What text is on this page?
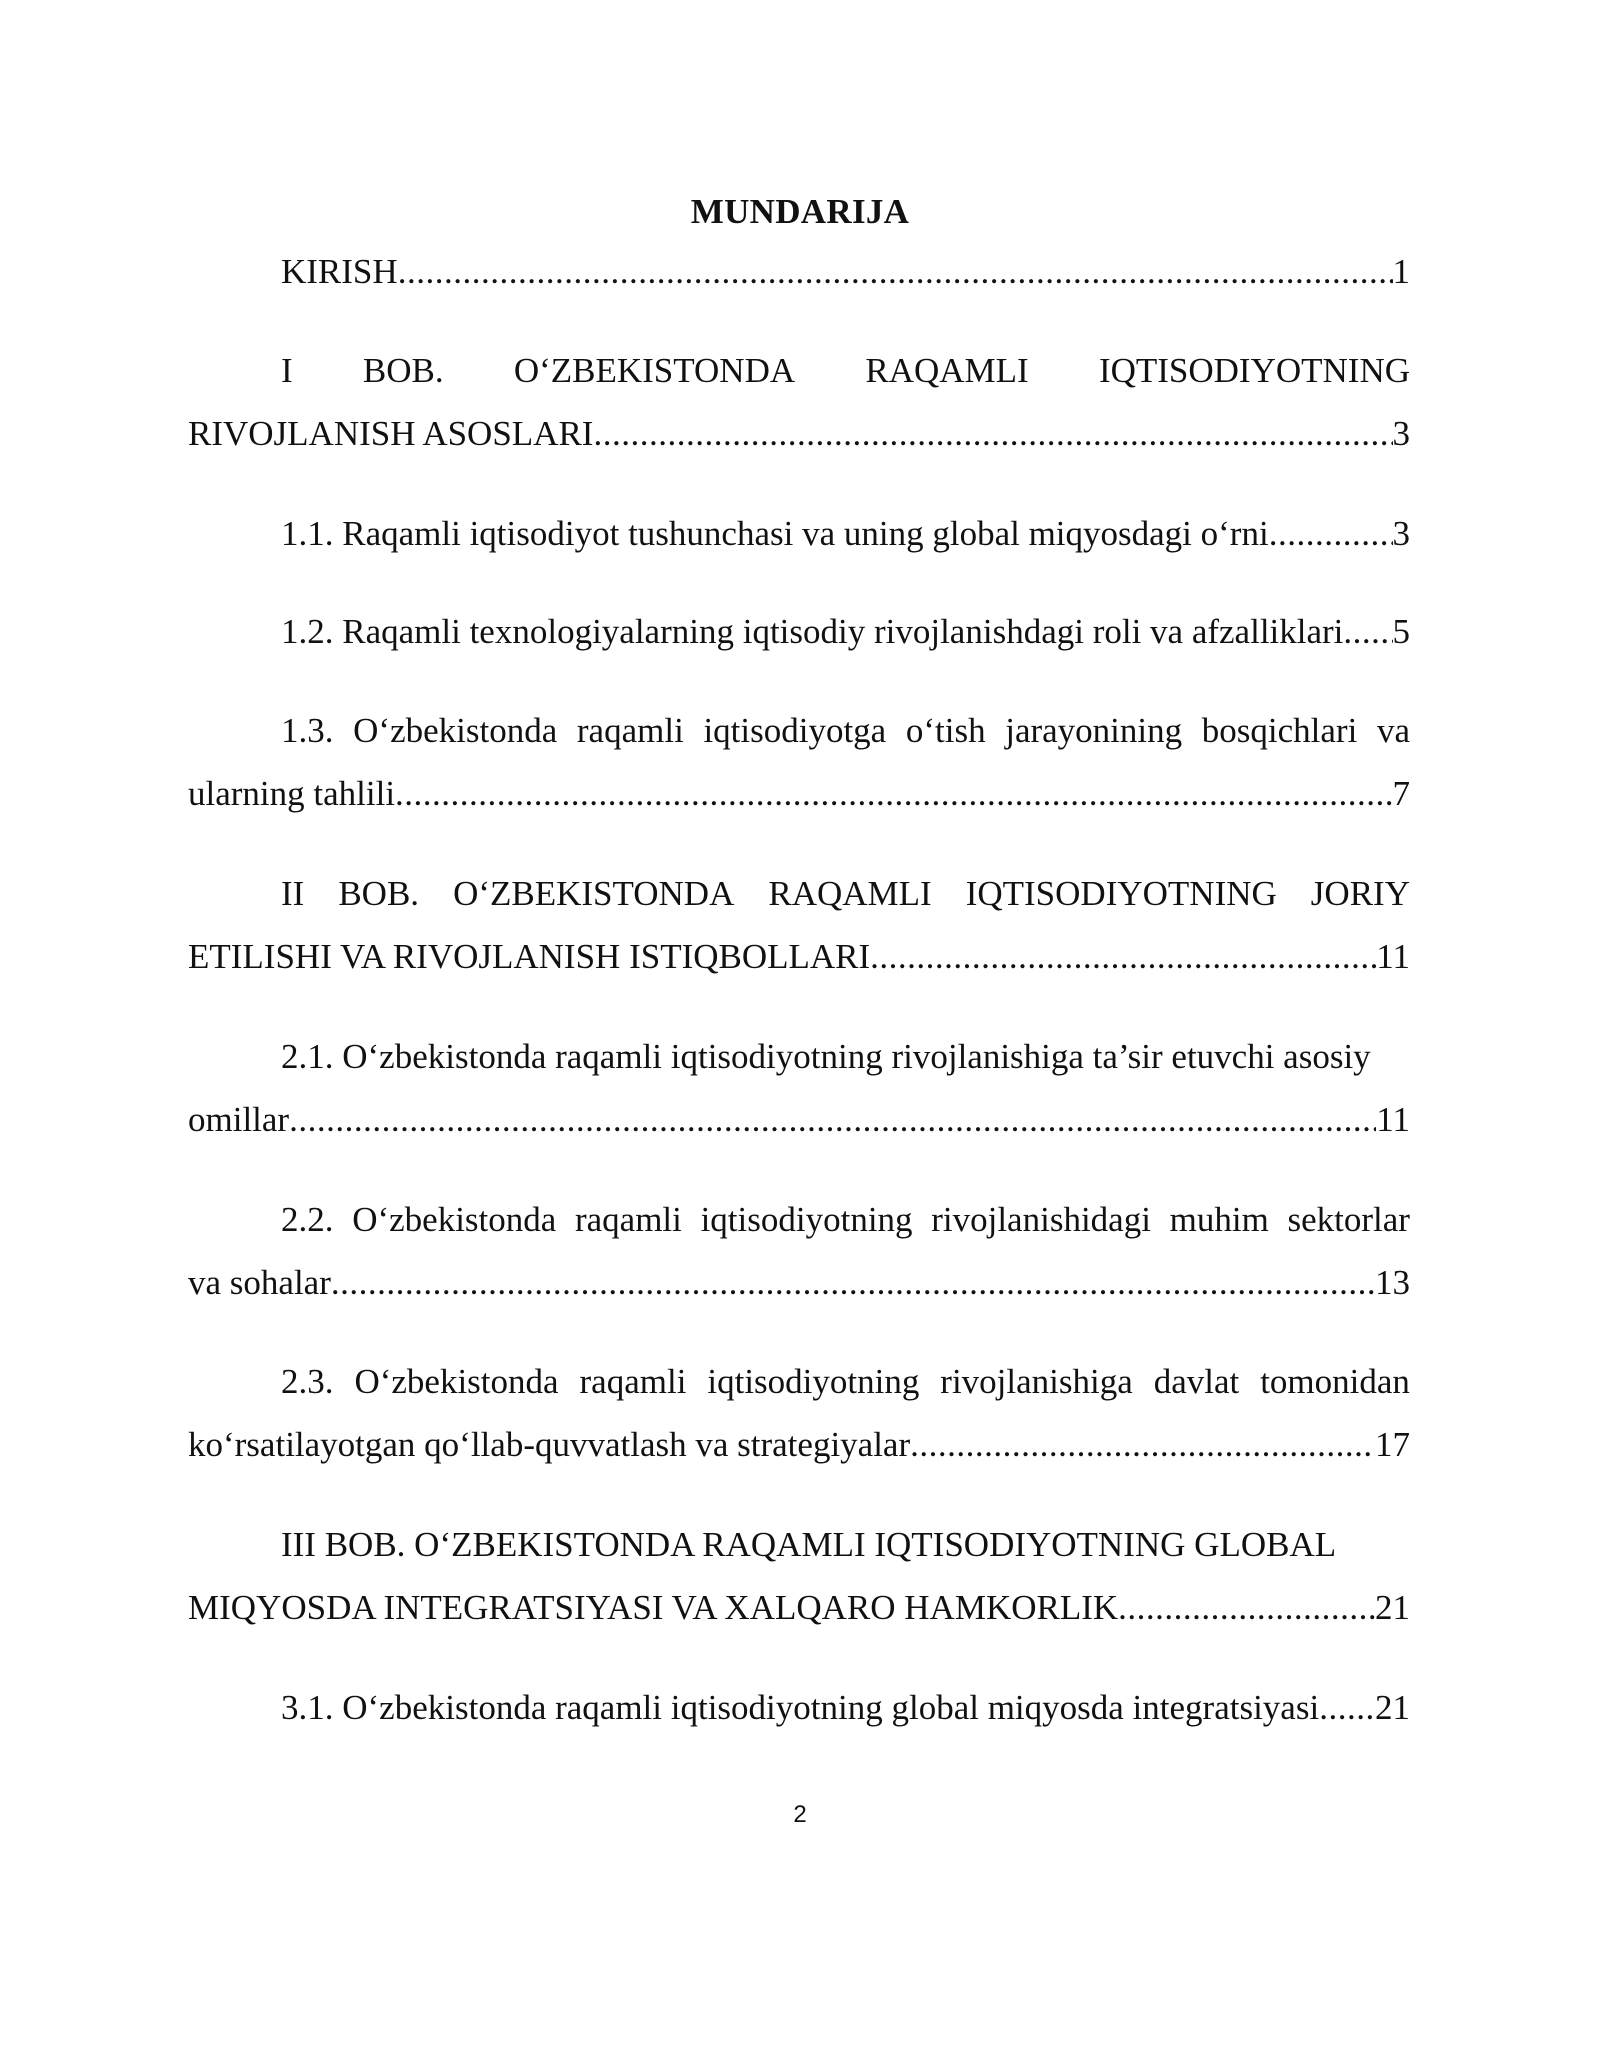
MUNDARIJA
KIRISH .....	1
I BOB. O‘ZBEKISTONDA RAQAMLI IQTISODIYOTNING
RIVOJLANISH ASOSLARI .....	3
1.1. Raqamli iqtisodiyot tushunchasi va uning global miqyosdagi o‘rni .....	3
1.2. Raqamli texnologiyalarning iqtisodiy rivojlanishdagi roli va afzalliklari ..... 5
1.3. O‘zbekistonda raqamli iqtisodiyotga o‘tish jarayonining bosqichlari va
ularning tahlili .....	7
II BOB. O‘ZBEKISTONDA RAQAMLI IQTISODIYOTNING JORIY
ETILISHI VA RIVOJLANISH ISTIQBOLLARI .....	11
2.1. O‘zbekistonda raqamli iqtisodiyotning rivojlanishiga ta’sir etuvchi asosiy
omillar .....	11
2.2. O‘zbekistonda raqamli iqtisodiyotning rivojlanishidagi muhim sektorlar
va sohalar .....	13
2.3. O‘zbekistonda raqamli iqtisodiyotning rivojlanishiga davlat tomonidan
ko‘rsatilayotgan qo‘llab-quvvatlash va strategiyalar .....	17
III BOB. O‘ZBEKISTONDA RAQAMLI IQTISODIYOTNING GLOBAL
MIQYOSDA INTEGRATSIYASI VA XALQARO HAMKORLIK .....	21
3.1. O‘zbekistonda raqamli iqtisodiyotning global miqyosda integratsiyasi ..... 21
2
